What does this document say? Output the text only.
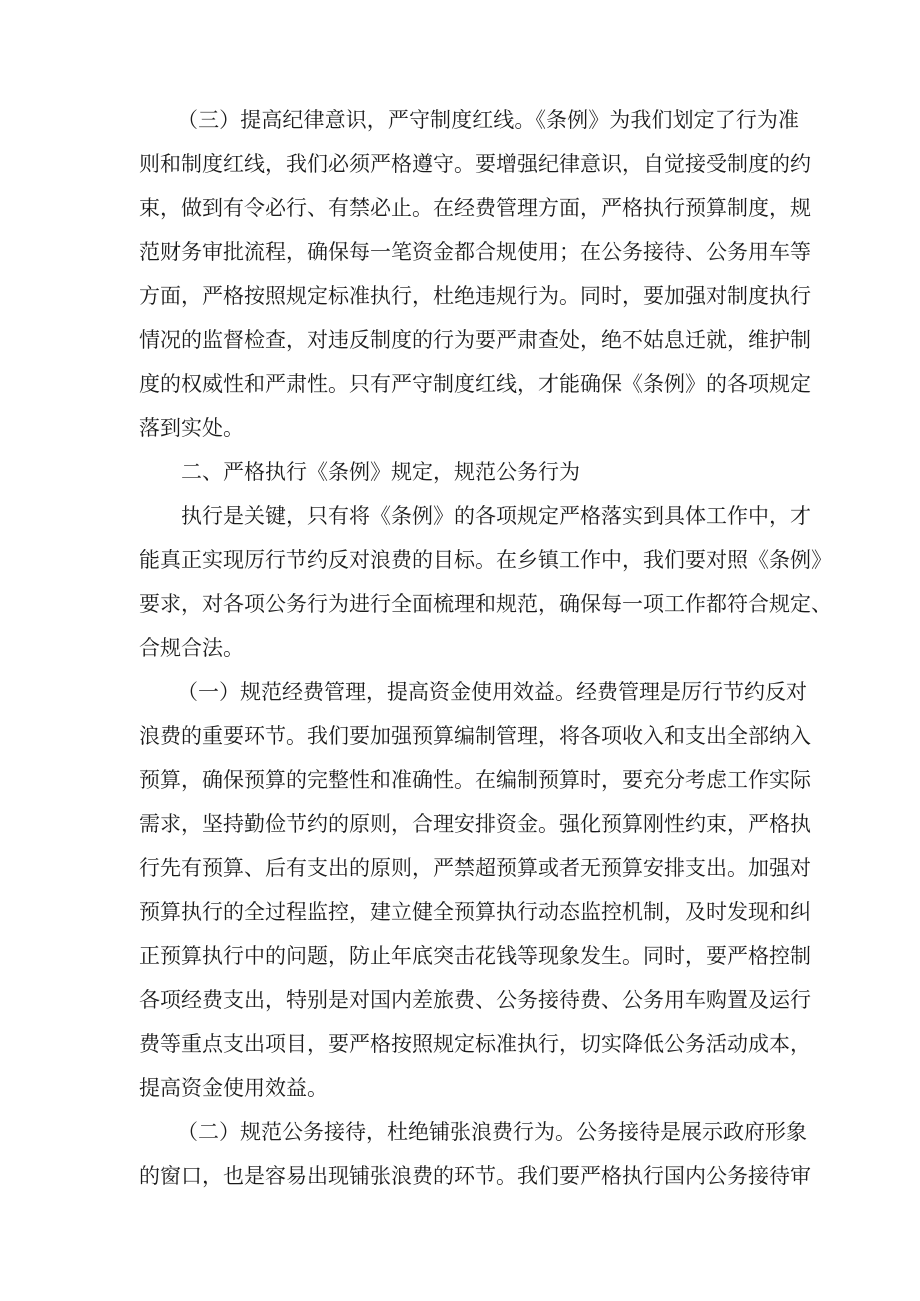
（三）提高纪律意识，严守制度红线。《条例》为我们划定了行为准
则和制度红线，我们必须严格遵守。要增强纪律意识，自觉接受制度的约
束，做到有令必行、有禁必止。在经费管理方面，严格执行预算制度，规
范财务审批流程，确保每一笔资金都合规使用；在公务接待、公务用车等
方面，严格按照规定标准执行，杜绝违规行为。同时，要加强对制度执行
情况的监督检查，对违反制度的行为要严肃查处，绝不姑息迁就，维护制
度的权威性和严肃性。只有严守制度红线，才能确保《条例》的各项规定
落到实处。
二、严格执行《条例》规定，规范公务行为
执行是关键，只有将《条例》的各项规定严格落实到具体工作中，才
能真正实现厉行节约反对浪费的目标。在乡镇工作中，我们要对照《条例》
要求，对各项公务行为进行全面梳理和规范，确保每一项工作都符合规定、
合规合法。
（一）规范经费管理，提高资金使用效益。经费管理是厉行节约反对
浪费的重要环节。我们要加强预算编制管理，将各项收入和支出全部纳入
预算，确保预算的完整性和准确性。在编制预算时，要充分考虑工作实际
需求，坚持勤俭节约的原则，合理安排资金。强化预算刚性约束，严格执
行先有预算、后有支出的原则，严禁超预算或者无预算安排支出。加强对
预算执行的全过程监控，建立健全预算执行动态监控机制，及时发现和纠
正预算执行中的问题，防止年底突击花钱等现象发生。同时，要严格控制
各项经费支出，特别是对国内差旅费、公务接待费、公务用车购置及运行
费等重点支出项目，要严格按照规定标准执行，切实降低公务活动成本，
提高资金使用效益。
（二）规范公务接待，杜绝铺张浪费行为。公务接待是展示政府形象
的窗口，也是容易出现铺张浪费的环节。我们要严格执行国内公务接待审
